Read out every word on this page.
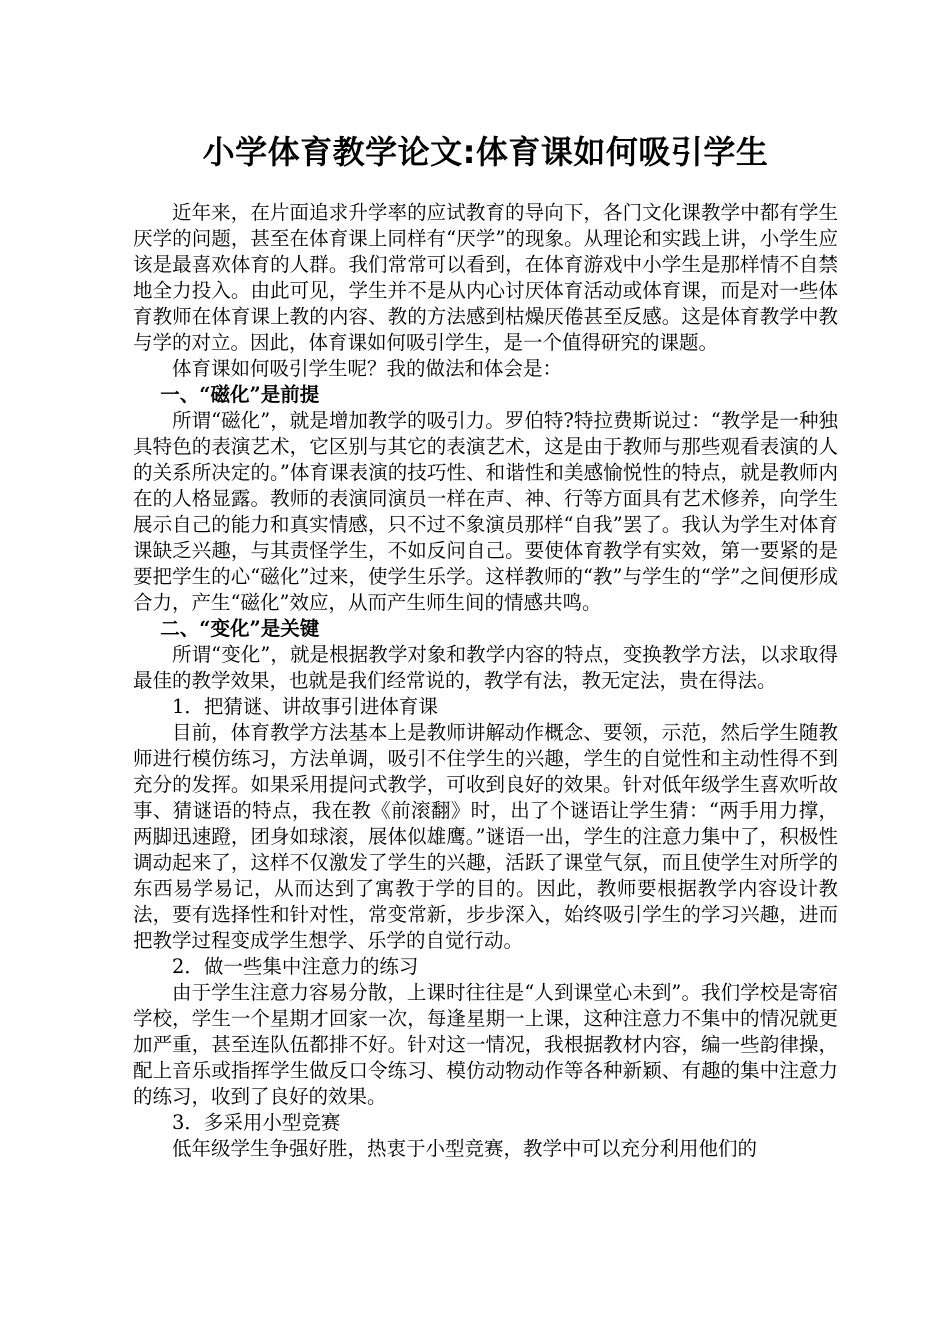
小学体育教学论文:体育课如何吸引学生

近年来，在片面追求升学率的应试教育的导向下，各门文化课教学中都有学生厌学的问题，甚至在体育课上同样有“厌学”的现象。从理论和实践上讲，小学生应该是最喜欢体育的人群。我们常常可以看到，在体育游戏中小学生是那样情不自禁地全力投入。由此可见，学生并不是从内心讨厌体育活动或体育课，而是对一些体育教师在体育课上教的内容、教的方法感到枯燥厌倦甚至反感。这是体育教学中教与学的对立。因此，体育课如何吸引学生，是一个值得研究的课题。

体育课如何吸引学生呢？我的做法和体会是：

一、“磁化”是前提

所谓“磁化”，就是增加教学的吸引力。罗伯特?特拉费斯说过：“教学是一种独具特色的表演艺术，它区别与其它的表演艺术，这是由于教师与那些观看表演的人的关系所决定的。”体育课表演的技巧性、和谐性和美感愉悦性的特点，就是教师内在的人格显露。教师的表演同演员一样在声、神、行等方面具有艺术修养，向学生展示自己的能力和真实情感，只不过不象演员那样“自我”罢了。我认为学生对体育课缺乏兴趣，与其责怪学生，不如反问自己。要使体育教学有实效，第一要紧的是要把学生的心“磁化”过来，使学生乐学。这样教师的“教”与学生的“学”之间便形成合力，产生“磁化”效应，从而产生师生间的情感共鸣。

二、“变化”是关键

所谓“变化”，就是根据教学对象和教学内容的特点，变换教学方法，以求取得最佳的教学效果，也就是我们经常说的，教学有法，教无定法，贵在得法。

1．把猜谜、讲故事引进体育课

目前，体育教学方法基本上是教师讲解动作概念、要领，示范，然后学生随教师进行模仿练习，方法单调，吸引不住学生的兴趣，学生的自觉性和主动性得不到充分的发挥。如果采用提问式教学，可收到良好的效果。针对低年级学生喜欢听故事、猜谜语的特点，我在教《前滚翻》时，出了个谜语让学生猜：“两手用力撑，两脚迅速蹬，团身如球滚，展体似雄鹰。”谜语一出，学生的注意力集中了，积极性调动起来了，这样不仅激发了学生的兴趣，活跃了课堂气氛，而且使学生对所学的东西易学易记，从而达到了寓教于学的目的。因此，教师要根据教学内容设计教法，要有选择性和针对性，常变常新，步步深入，始终吸引学生的学习兴趣，进而把教学过程变成学生想学、乐学的自觉行动。

2．做一些集中注意力的练习

由于学生注意力容易分散，上课时往往是“人到课堂心未到”。我们学校是寄宿学校，学生一个星期才回家一次，每逢星期一上课，这种注意力不集中的情况就更加严重，甚至连队伍都排不好。针对这一情况，我根据教材内容，编一些韵律操，配上音乐或指挥学生做反口令练习、模仿动物动作等各种新颖、有趣的集中注意力的练习，收到了良好的效果。

3．多采用小型竞赛

低年级学生争强好胜，热衷于小型竞赛，教学中可以充分利用他们的
